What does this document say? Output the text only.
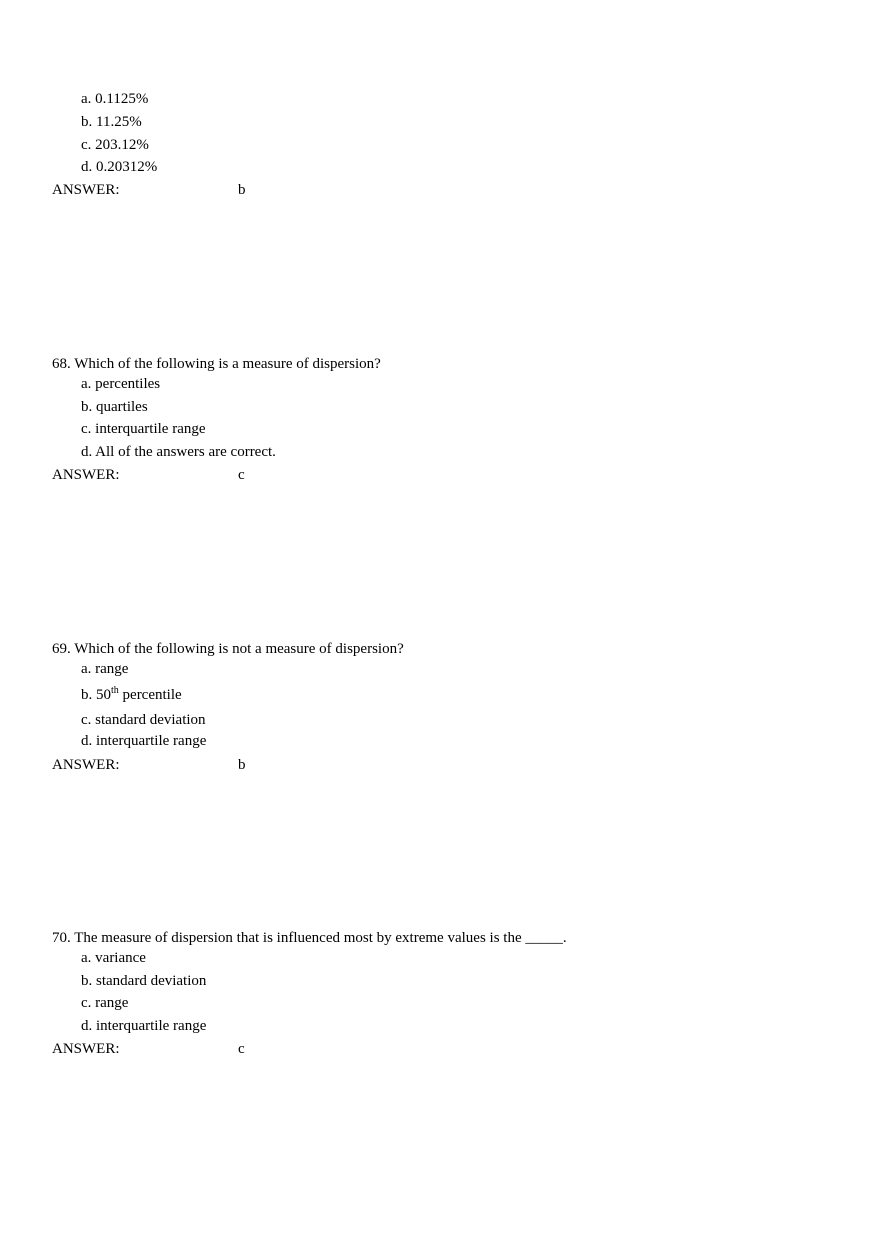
a. 0.1125%
b. 11.25%
c. 203.12%
d. 0.20312%
ANSWER:	b
68. Which of the following is a measure of dispersion?
a. percentiles
b. quartiles
c. interquartile range
d. All of the answers are correct.
ANSWER:	c
69. Which of the following is not a measure of dispersion?
a. range
b. 50th percentile
c. standard deviation
d. interquartile range
ANSWER:	b
70. The measure of dispersion that is influenced most by extreme values is the _____.
a. variance
b. standard deviation
c. range
d. interquartile range
ANSWER:	c
